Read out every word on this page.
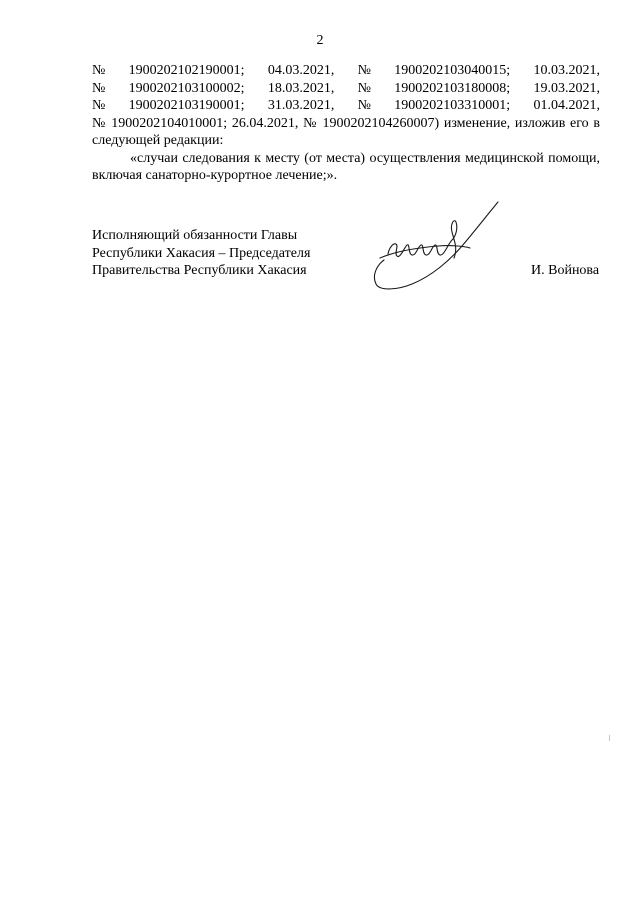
2
№ 1900202102190001; 04.03.2021, № 1900202103040015; 10.03.2021,
№ 1900202103100002; 18.03.2021, № 1900202103180008; 19.03.2021,
№ 1900202103190001; 31.03.2021, № 1900202103310001; 01.04.2021,

№ 1900202104010001; 26.04.2021, № 1900202104260007) изменение, изложив его в следующей редакции:

«случаи следования к месту (от места) осуществления медицинской помощи, включая санаторно-курортное лечение;».

Исполняющий обязанности Главы
Республики Хакасия – Председателя
Правительства Республики Хакасия	И. Войнова
